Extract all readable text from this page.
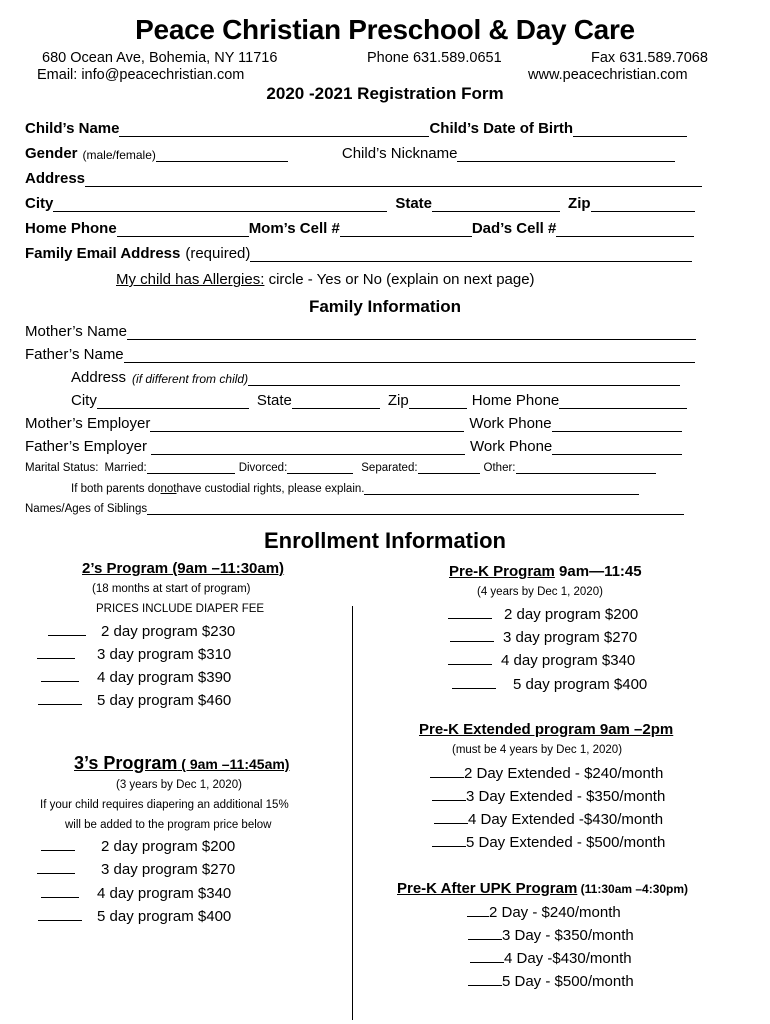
Peace Christian Preschool & Day Care
680 Ocean Ave, Bohemia, NY 11716	Phone 631.589.0651	Fax 631.589.7068
Email: info@peacechristian.com	www.peacechristian.com
2020 -2021 Registration Form
Child’s Name	Child’s Date of Birth
Gender (male/female)	Child’s Nickname
Address
City	State	Zip
Home Phone	Mom’s Cell #	Dad’s Cell #
Family Email Address (required)
My child has Allergies: circle - Yes or No (explain on next page)
Family Information
Mother’s Name
Father’s Name
Address (if different from child)
City	State	Zip	Home Phone
Mother’s Employer	Work Phone
Father’s Employer	Work Phone
Marital Status: Married:	Divorced:	Separated:	Other:
If both parents do not have custodial rights, please explain.
Names/Ages of Siblings
Enrollment Information
2’s Program (9am –11:30am)
(18 months at start of program)
PRICES INCLUDE DIAPER FEE
2 day program $230
3 day program $310
4 day program $390
5 day program $460
3’s Program ( 9am –11:45am)
(3 years by Dec 1, 2020)
If your child requires diapering an additional 15%
will be added to the program price below
2 day program $200
3 day program $270
4 day program $340
5 day program $400
Pre-K Program 9am—11:45
(4 years by Dec 1, 2020)
2 day program $200
3 day program $270
4 day program $340
5 day program $400
Pre-K Extended program 9am –2pm
(must be 4 years by Dec 1, 2020)
2 Day Extended - $240/month
3 Day Extended - $350/month
4 Day Extended -$430/month
5 Day Extended - $500/month
Pre-K After UPK Program (11:30am –4:30pm)
2 Day - $240/month
3 Day - $350/month
4 Day -$430/month
5 Day - $500/month
